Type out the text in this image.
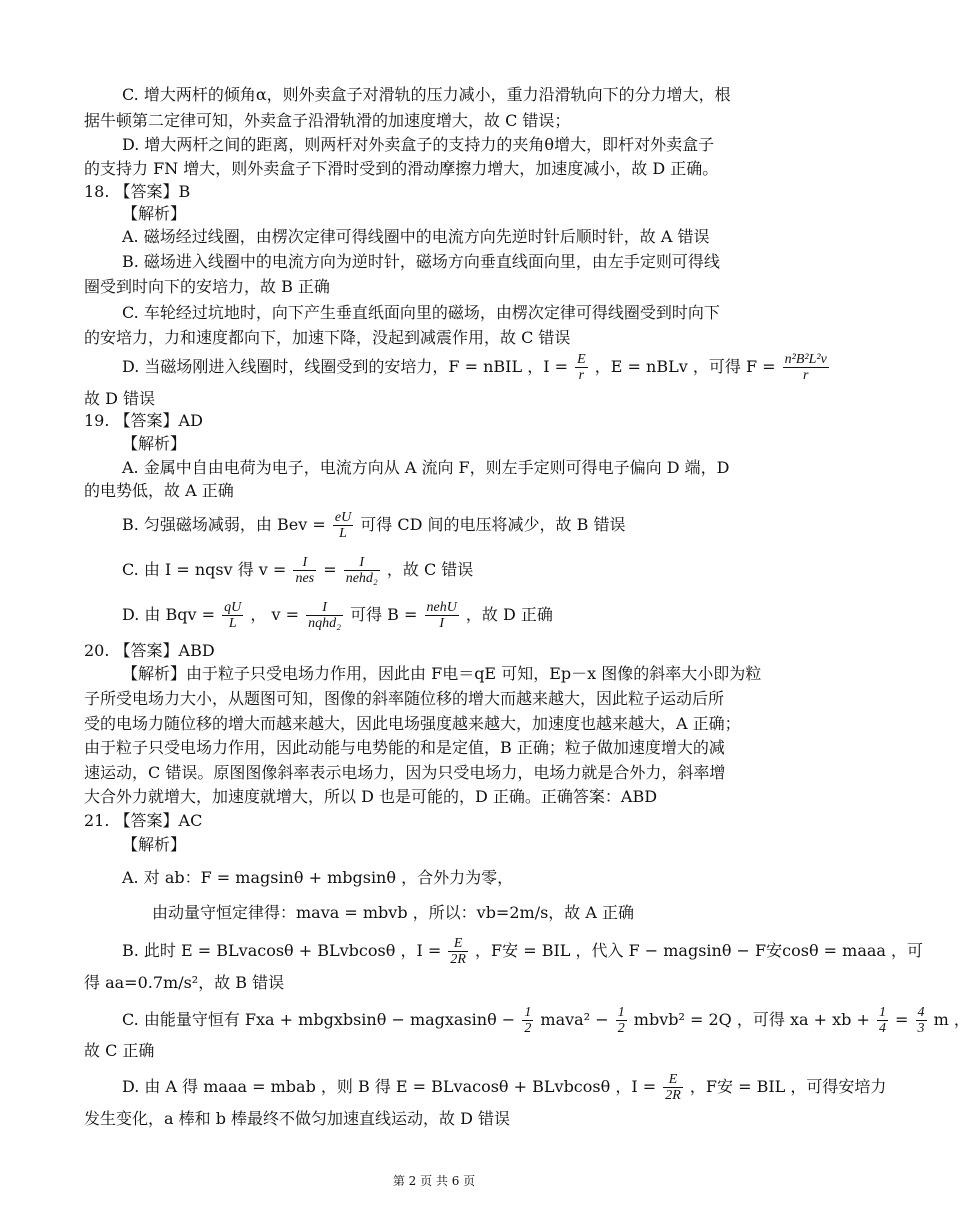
D. 当磁场刚进入线圈时，线圈受到的安培力，F = nBIL ，$I = \frac{E}{r}$ ，E = nBLv ，可得 $F = \frac{\text{n²B²L²v}}{r}$
B. 匀强磁场减弱，由 Bev = $\frac{eU}{L}$ 可得 CD 间的电压将减少，故 B 错误
C. 由 I = nqsv 得 $v = \frac{I}{\text{nes}} = \frac{I}{\text{nehd₂}}$ ，故 C 错误
D. 由 Bqv = $\frac{qU}{L}$ ， $v = \frac{I}{\text{nqhd₂}}$ 可得 $B = \frac{\text{nehU}}{I}$ ，故 D 正确
B. 此时 E = BLvacosθ + BLvbcosθ ，$I = \frac{E}{2R}$ ，F安 = BIL ，代入 F − magsinθ − F安cosθ = maaa ，可
C. 由能量守恒有 Fxa + mbgxbsinθ − magxasinθ − $\frac{1}{2}$ mava² − $\frac{1}{2}$ mbvb² = 2Q ，可得 xa + xb + $\frac{1}{4} = \frac{4}{3}$ m ，
D. 由 A 得 maaa = mbab ，则 B 得 E = BLvacosθ + BLvbcosθ ，$I = \frac{E}{2R}$ ，F安 = BIL ，可得安培力
第 2 页 共 6 页
C. 增大两杆的倾角α，则外卖盒子对滑轨的压力减小，重力沿滑轨向下的分力增大，根
据牛顿第二定律可知，外卖盒子沿滑轨滑的加速度增大，故 C 错误；
D. 增大两杆之间的距离，则两杆对外卖盒子的支持力的夹角θ增大，即杆对外卖盒子
的支持力 FN 增大，则外卖盒子下滑时受到的滑动摩擦力增大，加速度减小，故 D 正确。
18. 【答案】B
【解析】
A. 磁场经过线圈，由楞次定律可得线圈中的电流方向先逆时针后顺时针，故 A 错误
B. 磁场进入线圈中的电流方向为逆时针，磁场方向垂直线面向里，由左手定则可得线
圈受到时向下的安培力，故 B 正确
C. 车轮经过坑地时，向下产生垂直纸面向里的磁场，由楞次定律可得线圈受到时向下
的安培力，力和速度都向下，加速下降，没起到减震作用，故 C 错误
故 D 错误
19. 【答案】AD
【解析】
A. 金属中自由电荷为电子，电流方向从 A 流向 F，则左手定则可得电子偏向 D 端，D
的电势低，故 A 正确
20. 【答案】ABD
【解析】由于粒子只受电场力作用，因此由 F电＝qE 可知，Ep－x 图像的斜率大小即为粒
子所受电场力大小，从题图可知，图像的斜率随位移的增大而越来越大，因此粒子运动后所
受的电场力随位移的增大而越来越大，因此电场强度越来越大，加速度也越来越大，A 正确；
由于粒子只受电场力作用，因此动能与电势能的和是定值，B 正确；粒子做加速度增大的减
速运动，C 错误。原图图像斜率表示电场力，因为只受电场力，电场力就是合外力，斜率增
大合外力就增大，加速度就增大，所以 D 也是可能的，D 正确。正确答案：ABD
21. 【答案】AC
【解析】
A. 对 ab：F = magsinθ + mbgsinθ ，合外力为零，
由动量守恒定律得：mava = mbvb ，所以：vb=2m/s，故 A 正确
得 aa=0.7m/s²，故 B 错误
故 C 正确
发生变化，a 棒和 b 棒最终不做匀加速直线运动，故 D 错误
